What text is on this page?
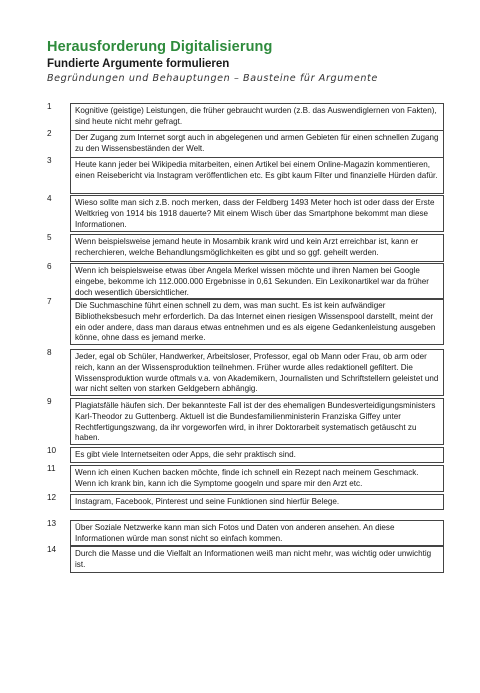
Herausforderung Digitalisierung
Fundierte Argumente formulieren
Begründungen und Behauptungen – Bausteine für Argumente
1	Kognitive (geistige) Leistungen, die früher gebraucht wurden (z.B. das Auswendiglernen von Fakten), sind heute nicht mehr gefragt.
2	Der Zugang zum Internet sorgt auch in abgelegenen und armen Gebieten für einen schnellen Zugang zu den Wissensbeständen der Welt.
3	Heute kann jeder bei Wikipedia mitarbeiten, einen Artikel bei einem Online-Magazin kommentieren, einen Reisebericht via Instagram veröffentlichen etc. Es gibt kaum Filter und finanzielle Hürden dafür.
4	Wieso sollte man sich z.B. noch merken, dass der Feldberg 1493 Meter hoch ist oder dass der Erste Weltkrieg von 1914 bis 1918 dauerte? Mit einem Wisch über das Smartphone bekommt man diese Informationen.
5	Wenn beispielsweise jemand heute in Mosambik krank wird und kein Arzt erreichbar ist, kann er recherchieren, welche Behandlungsmöglichkeiten es gibt und so ggf. geheilt werden.
6	Wenn ich beispielsweise etwas über Angela Merkel wissen möchte und ihren Namen bei Google eingebe, bekomme ich 112.000.000 Ergebnisse in 0,61 Sekunden. Ein Lexikonartikel war da früher doch wesentlich übersichtlicher.
7	Die Suchmaschine führt einen schnell zu dem, was man sucht. Es ist kein aufwändiger Bibliotheksbesuch mehr erforderlich. Da das Internet einen riesigen Wissenspool darstellt, meint der ein oder andere, dass man daraus etwas entnehmen und es als eigene Gedankenleistung ausgeben könne, ohne dass es jemand merke.
8	Jeder, egal ob Schüler, Handwerker, Arbeitsloser, Professor, egal ob Mann oder Frau, ob arm oder reich, kann an der Wissensproduktion teilnehmen. Früher wurde alles redaktionell gefiltert. Die Wissensproduktion wurde oftmals v.a. von Akademikern, Journalisten und Schriftstellern geleistet und war nicht selten von starken Geldgebern abhängig.
9	Plagiatsfälle häufen sich. Der bekannteste Fall ist der des ehemaligen Bundesverteidigungsministers Karl-Theodor zu Guttenberg. Aktuell ist die Bundesfamilienministerin Franziska Giffey unter Rechtfertigungszwang, da ihr vorgeworfen wird, in ihrer Doktorarbeit systematisch getäuscht zu haben.
10	Es gibt viele Internetseiten oder Apps, die sehr praktisch sind.
11	Wenn ich einen Kuchen backen möchte, finde ich schnell ein Rezept nach meinem Geschmack. Wenn ich krank bin, kann ich die Symptome googeln und spare mir den Arzt etc.
12	Instagram, Facebook, Pinterest und seine Funktionen sind hierfür Belege.
13	Über Soziale Netzwerke kann man sich Fotos und Daten von anderen ansehen. An diese Informationen würde man sonst nicht so einfach kommen.
14	Durch die Masse und die Vielfalt an Informationen weiß man nicht mehr, was wichtig oder unwichtig ist.
